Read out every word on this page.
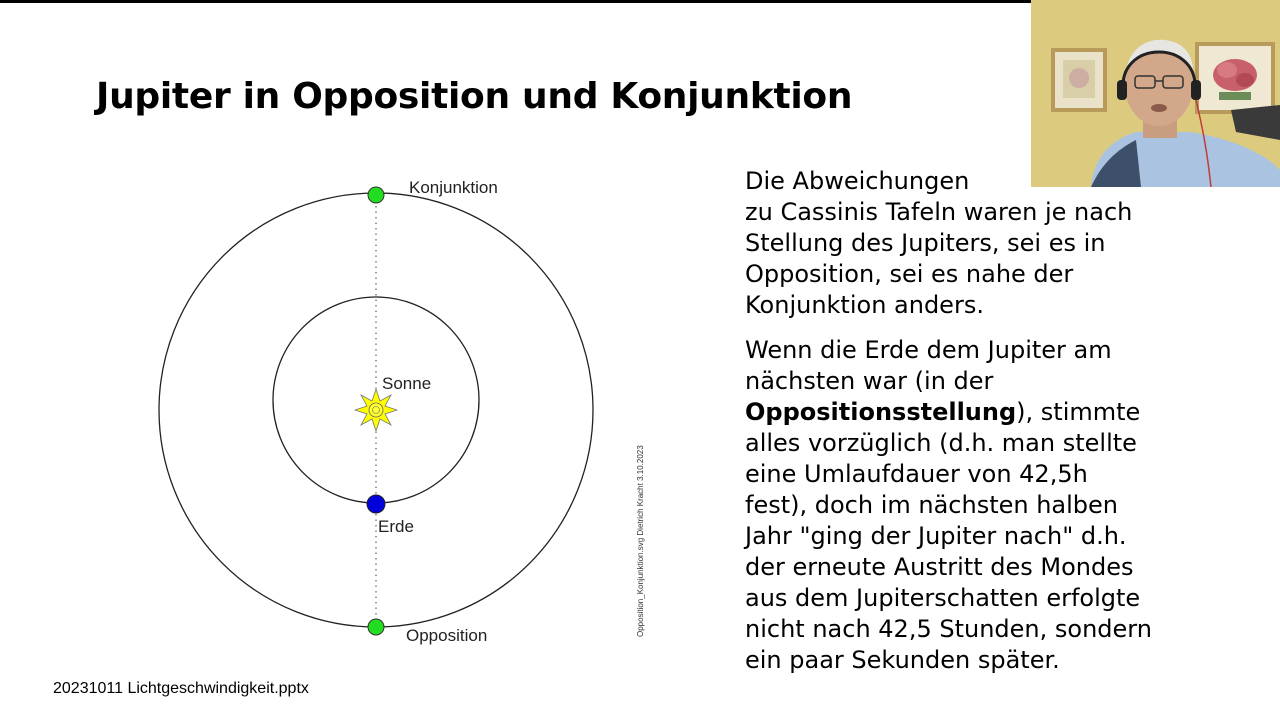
Jupiter in Opposition und Konjunktion
Konjunktion
Sonne
Erde
Opposition	Opposition_Konjunktion.svg Dietrich Kracht 3.10.2023

Die Abweichungen
zu Cassinis Tafeln waren je nach
Stellung des Jupiters, sei es in
Opposition, sei es nahe der
Konjunktion anders.

Wenn die Erde dem Jupiter am
nächsten war (in der
Oppositionsstellung), stimmte
alles vorzüglich (d.h. man stellte
eine Umlaufdauer von 42,5h
fest), doch im nächsten halben
Jahr "ging der Jupiter nach" d.h.
der erneute Austritt des Mondes
aus dem Jupiterschatten erfolgte
nicht nach 42,5 Stunden, sondern
ein paar Sekunden später.

20231011 Lichtgeschwindigkeit.pptx
